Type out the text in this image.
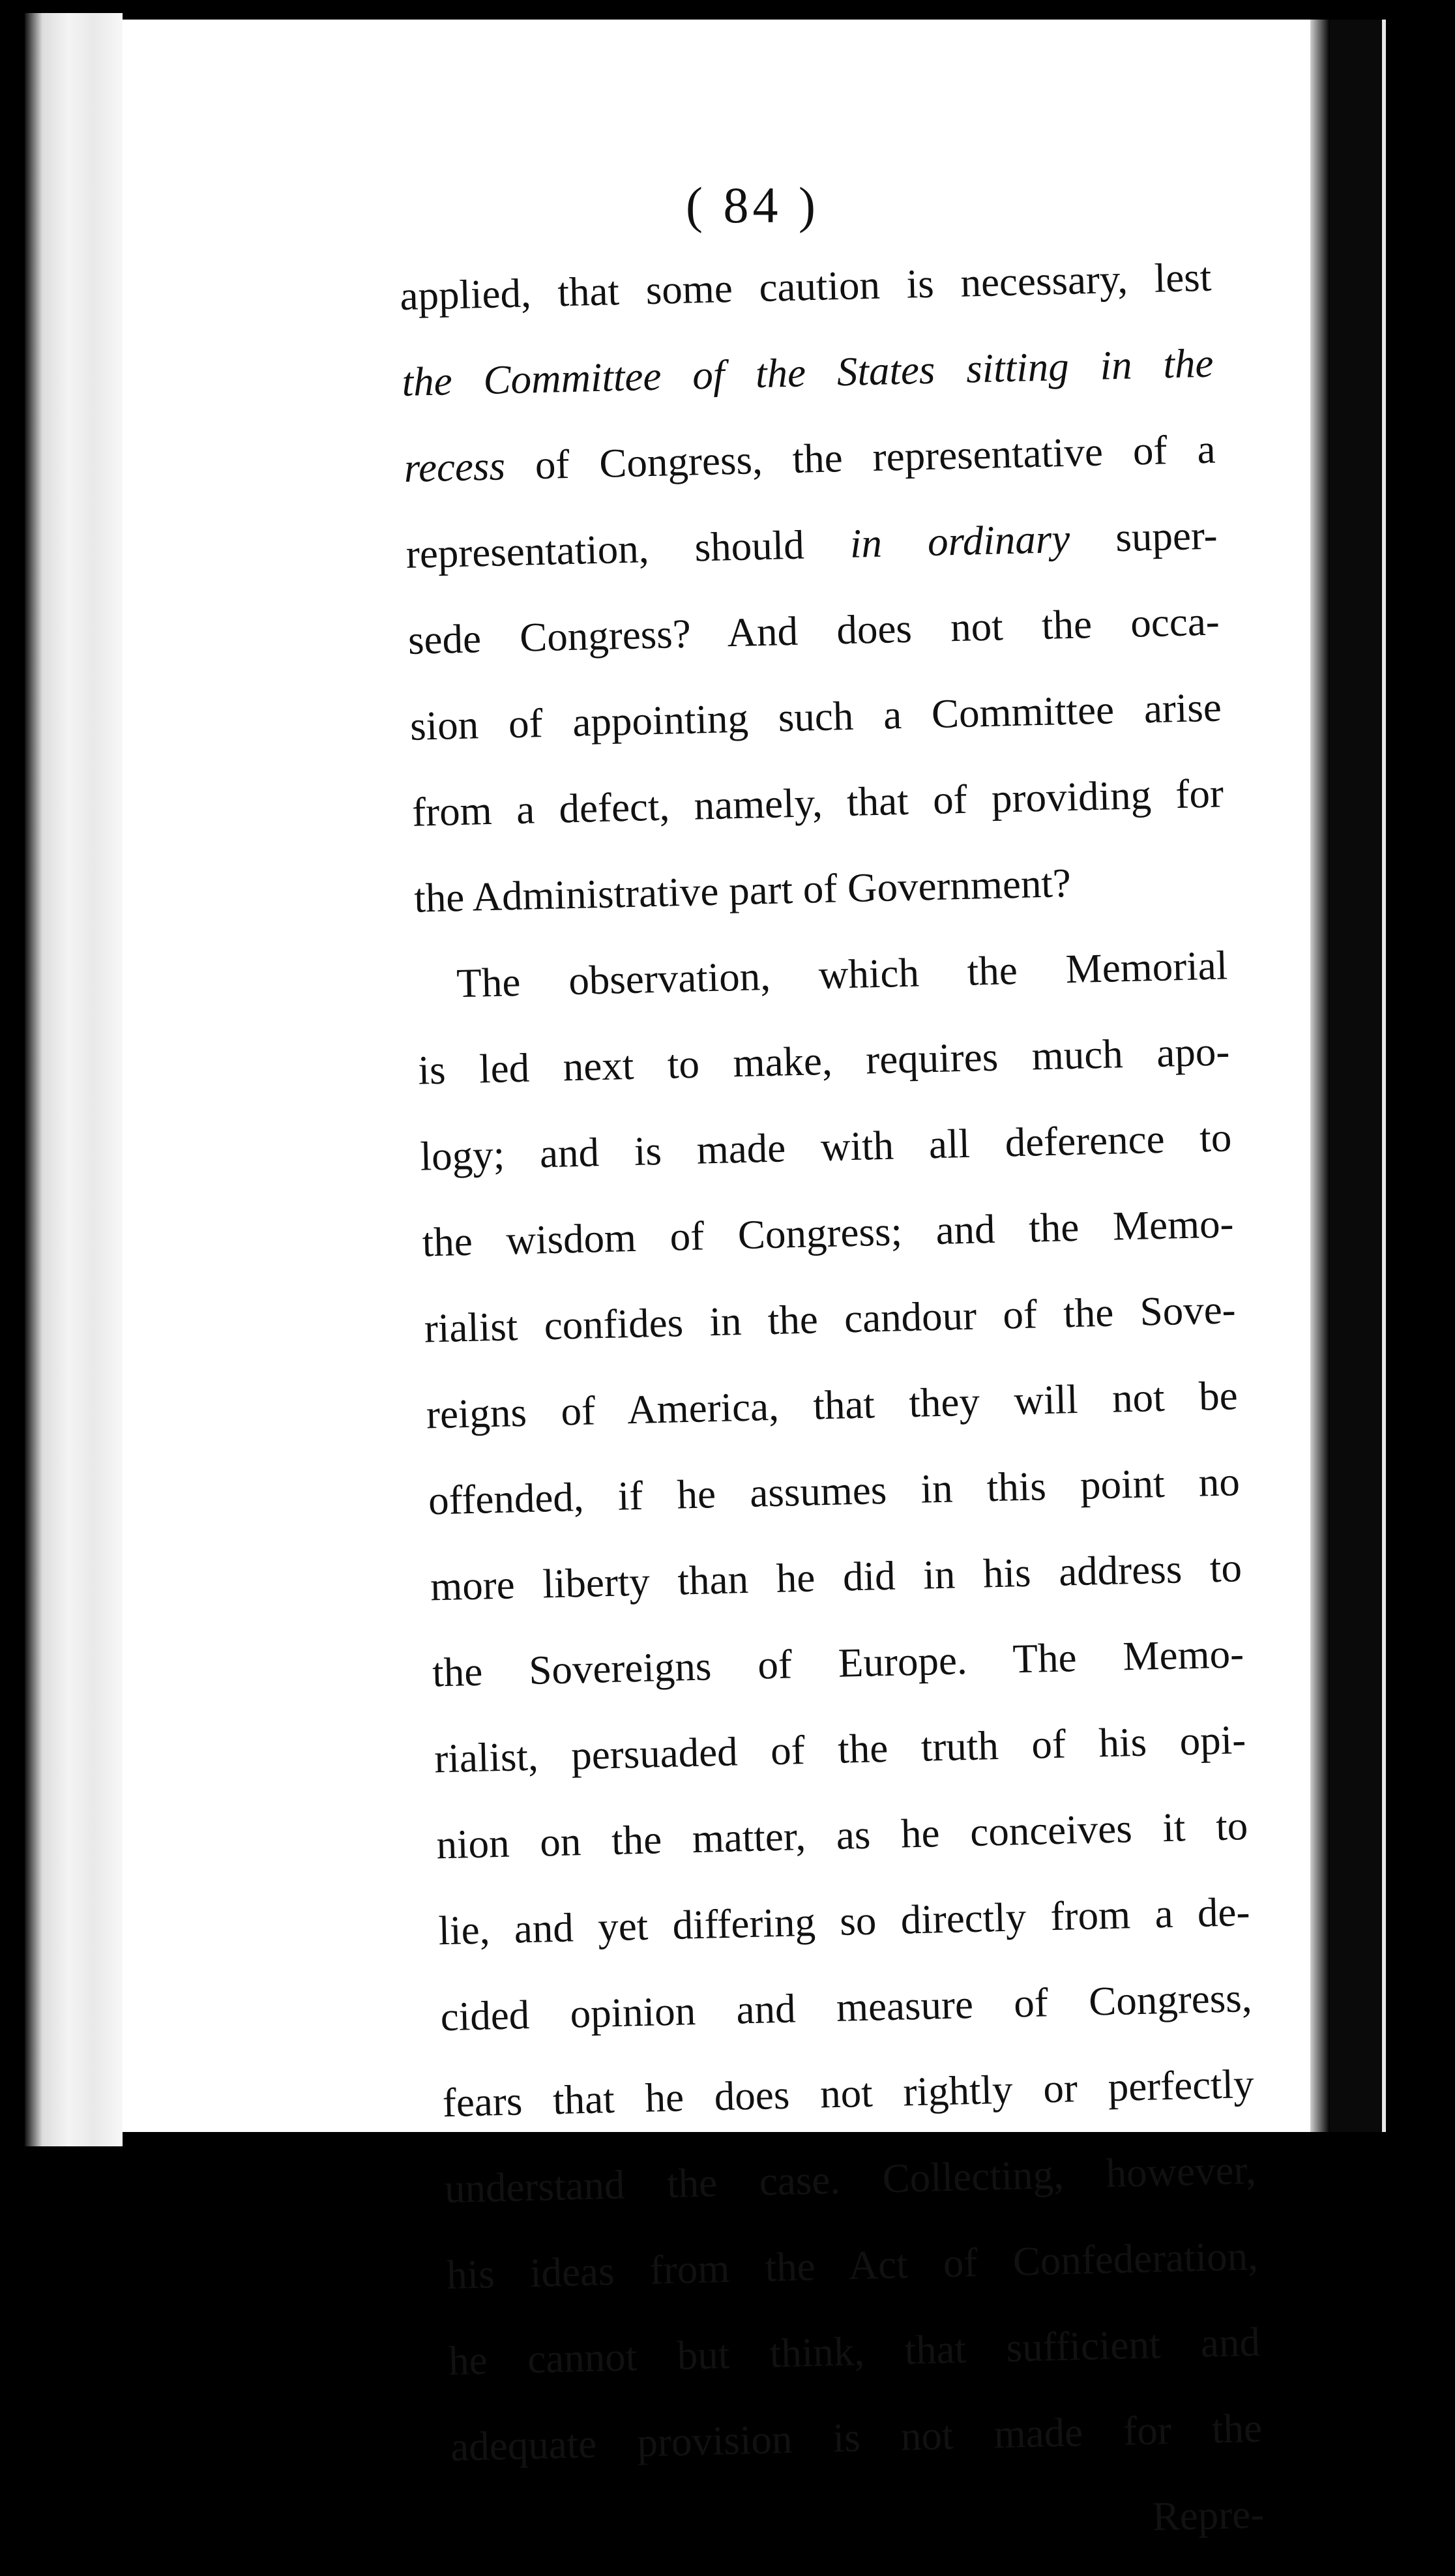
( 84 )
applied, that some caution is necessary, lest
the Committee of the States sitting in the
recess of Congress, the representative of a
representation, should in ordinary super-
sede Congress? And does not the occa-
sion of appointing such a Committee arise
from a defect, namely, that of providing for
the Administrative part of Government?
The observation, which the Memorial
is led next to make, requires much apo-
logy; and is made with all deference to
the wisdom of Congress; and the Memo-
rialist confides in the candour of the Sove-
reigns of America, that they will not be
offended, if he assumes in this point no
more liberty than he did in his address to
the Sovereigns of Europe. The Memo-
rialist, persuaded of the truth of his opi-
nion on the matter, as he conceives it to
lie, and yet differing so directly from a de-
cided opinion and measure of Congress,
fears that he does not rightly or perfectly
understand the case. Collecting, however,
his ideas from the Act of Confederation,
he cannot but think, that sufficient and
adequate provision is not made for the
Repre-
